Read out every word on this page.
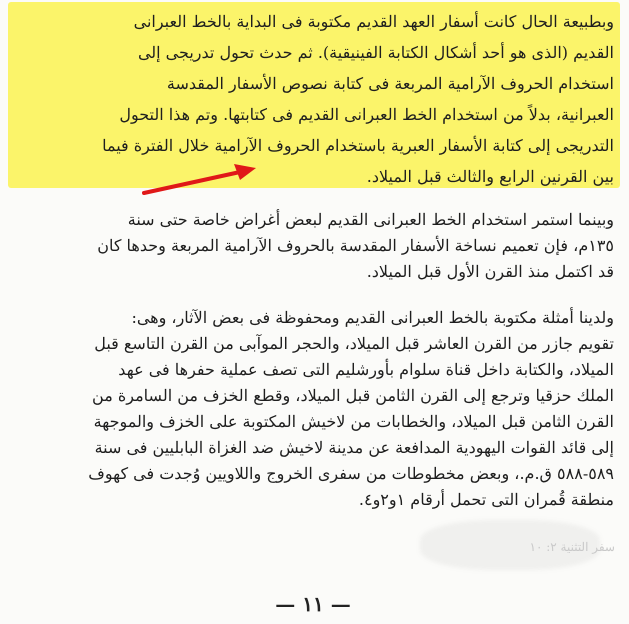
وبطبيعة الحال كانت أسفار العهد القديم مكتوبة فى البداية بالخط العبرانى
القديم (الذى هو أحد أشكال الكتابة الفينيقية). ثم حدث تحول تدريجى إلى
استخدام الحروف الآرامية المربعة فى كتابة نصوص الأسفار المقدسة
العبرانية، بدلاً من استخدام الخط العبرانى القديم فى كتابتها. وتم هذا التحول
التدريجى إلى كتابة الأسفار العبرية باستخدام الحروف الآرامية خلال الفترة فيما
بين القرنين الرابع والثالث قبل الميلاد.
وبينما استمر استخدام الخط العبرانى القديم لبعض أغراض خاصة حتى سنة
١٣٥م، فإن تعميم نساخة الأسفار المقدسة بالحروف الآرامية المربعة وحدها كان
قد اكتمل منذ القرن الأول قبل الميلاد.
ولدينا أمثلة مكتوبة بالخط العبرانى القديم ومحفوظة فى بعض الآثار، وهى:
تقويم جازر من القرن العاشر قبل الميلاد، والحجر الموآبى من القرن التاسع قبل
الميلاد، والكتابة داخل قناة سلوام بأورشليم التى تصف عملية حفرها فى عهد
الملك حزقيا وترجع إلى القرن الثامن قبل الميلاد، وقطع الخزف من السامرة من
القرن الثامن قبل الميلاد، والخطابات من لاخيش المكتوبة على الخزف والموجهة
إلى قائد القوات اليهودية المدافعة عن مدينة لاخيش ضد الغزاة البابليين فى سنة
٥٨٩-٥٨٨ ق.م.، وبعض مخطوطات من سفرى الخروج واللاويين وُجدت فى كهوف
منطقة قُمران التى تحمل أرقام ١و٢و٤.
سفر التثنية ٢: ١٠
— ١١ —
